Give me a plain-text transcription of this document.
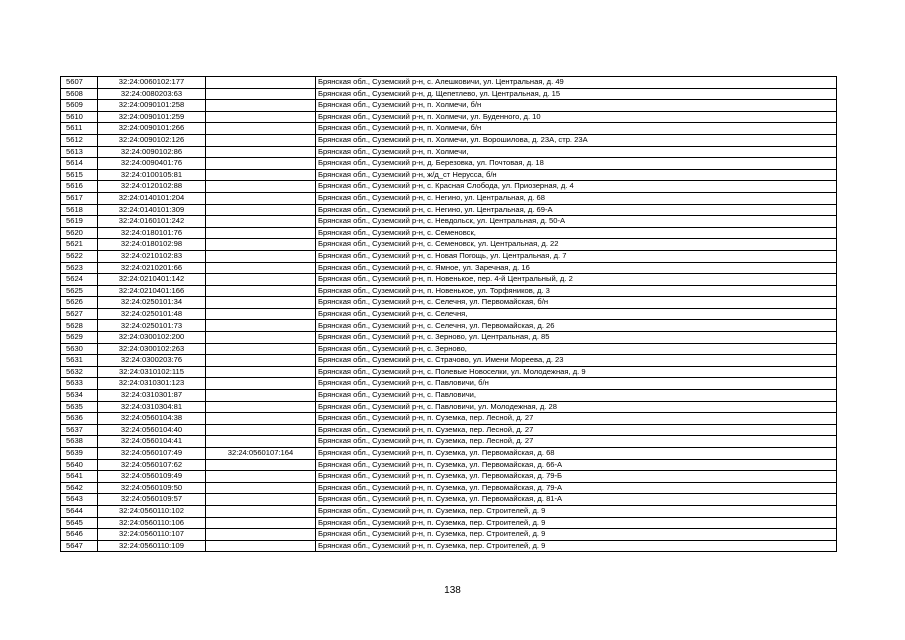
5607	32:24:0060102:177		Брянская обл., Суземский р-н, с. Алешковичи, ул. Центральная, д. 49
5608	32:24:0080203:63		Брянская обл., Суземский р-н, д. Щепетлево, ул. Центральная, д. 15
5609	32:24:0090101:258		Брянская обл., Суземский р-н, п. Холмечи, б/н
5610	32:24:0090101:259		Брянская обл., Суземский р-н, п. Холмечи, ул. Буденного, д. 10
5611	32:24:0090101:266		Брянская обл., Суземский р-н, п. Холмечи, б/н
5612	32:24:0090102:126		Брянская обл., Суземский р-н, п. Холмечи, ул. Ворошилова, д. 23А, стр. 23А
5613	32:24:0090102:86		Брянская обл., Суземский р-н, п. Холмечи,
5614	32:24:0090401:76		Брянская обл., Суземский р-н, д. Березовка, ул. Почтовая, д. 18
5615	32:24:0100105:81		Брянская обл., Суземский р-н, ж/д_ст Нерусса, б/н
5616	32:24:0120102:88		Брянская обл., Суземский р-н, с. Красная Слобода, ул. Приозерная, д. 4
5617	32:24:0140101:204		Брянская обл., Суземский р-н, с. Негино, ул. Центральная, д. 68
5618	32:24:0140101:309		Брянская обл., Суземский р-н, с. Негино, ул. Центральная, д. 69-А
5619	32:24:0160101:242		Брянская обл., Суземский р-н, с. Невдольск, ул. Центральная, д. 50-А
5620	32:24:0180101:76		Брянская обл., Суземский р-н, с. Семеновск,
5621	32:24:0180102:98		Брянская обл., Суземский р-н, с. Семеновск, ул. Центральная, д. 22
5622	32:24:0210102:83		Брянская обл., Суземский р-н, с. Новая Погощь, ул. Центральная, д. 7
5623	32:24:0210201:66		Брянская обл., Суземский р-н, с. Ямное, ул. Заречная, д. 16
5624	32:24:0210401:142		Брянская обл., Суземский р-н, п. Новенькое, пер. 4-й Центральный, д. 2
5625	32:24:0210401:166		Брянская обл., Суземский р-н, п. Новенькое, ул. Торфяников, д. 3
5626	32:24:0250101:34		Брянская обл., Суземский р-н, с. Селечня, ул. Первомайская, б/н
5627	32:24:0250101:48		Брянская обл., Суземский р-н, с. Селечня,
5628	32:24:0250101:73		Брянская обл., Суземский р-н, с. Селечня, ул. Первомайская, д. 26
5629	32:24:0300102:200		Брянская обл., Суземский р-н, с. Зерново, ул. Центральная, д. 85
5630	32:24:0300102:263		Брянская обл., Суземский р-н, с. Зерново,
5631	32:24:0300203:76		Брянская обл., Суземский р-н, с. Страчово, ул. Имени Мореева, д. 23
5632	32:24:0310102:115		Брянская обл., Суземский р-н, с. Полевые Новоселки, ул. Молодежная, д. 9
5633	32:24:0310301:123		Брянская обл., Суземский р-н, с. Павловичи, б/н
5634	32:24:0310301:87		Брянская обл., Суземский р-н, с. Павловичи,
5635	32:24:0310304:81		Брянская обл., Суземский р-н, с. Павловичи, ул. Молодежная, д. 28
5636	32:24:0560104:38		Брянская обл., Суземский р-н, п. Суземка, пер. Лесной, д. 27
5637	32:24:0560104:40		Брянская обл., Суземский р-н, п. Суземка, пер. Лесной, д. 27
5638	32:24:0560104:41		Брянская обл., Суземский р-н, п. Суземка, пер. Лесной, д. 27
5639	32:24:0560107:49	32:24:0560107:164	Брянская обл., Суземский р-н, п. Суземка, ул. Первомайская, д. 68
5640	32:24:0560107:62		Брянская обл., Суземский р-н, п. Суземка, ул. Первомайская, д. 66-А
5641	32:24:0560109:49		Брянская обл., Суземский р-н, п. Суземка, ул. Первомайская, д. 79-Б
5642	32:24:0560109:50		Брянская обл., Суземский р-н, п. Суземка, ул. Первомайская, д. 79-А
5643	32:24:0560109:57		Брянская обл., Суземский р-н, п. Суземка, ул. Первомайская, д. 81-А
5644	32:24:0560110:102		Брянская обл., Суземский р-н, п. Суземка, пер. Строителей, д. 9
5645	32:24:0560110:106		Брянская обл., Суземский р-н, п. Суземка, пер. Строителей, д. 9
5646	32:24:0560110:107		Брянская обл., Суземский р-н, п. Суземка, пер. Строителей, д. 9
5647	32:24:0560110:109		Брянская обл., Суземский р-н, п. Суземка, пер. Строителей, д. 9
138
